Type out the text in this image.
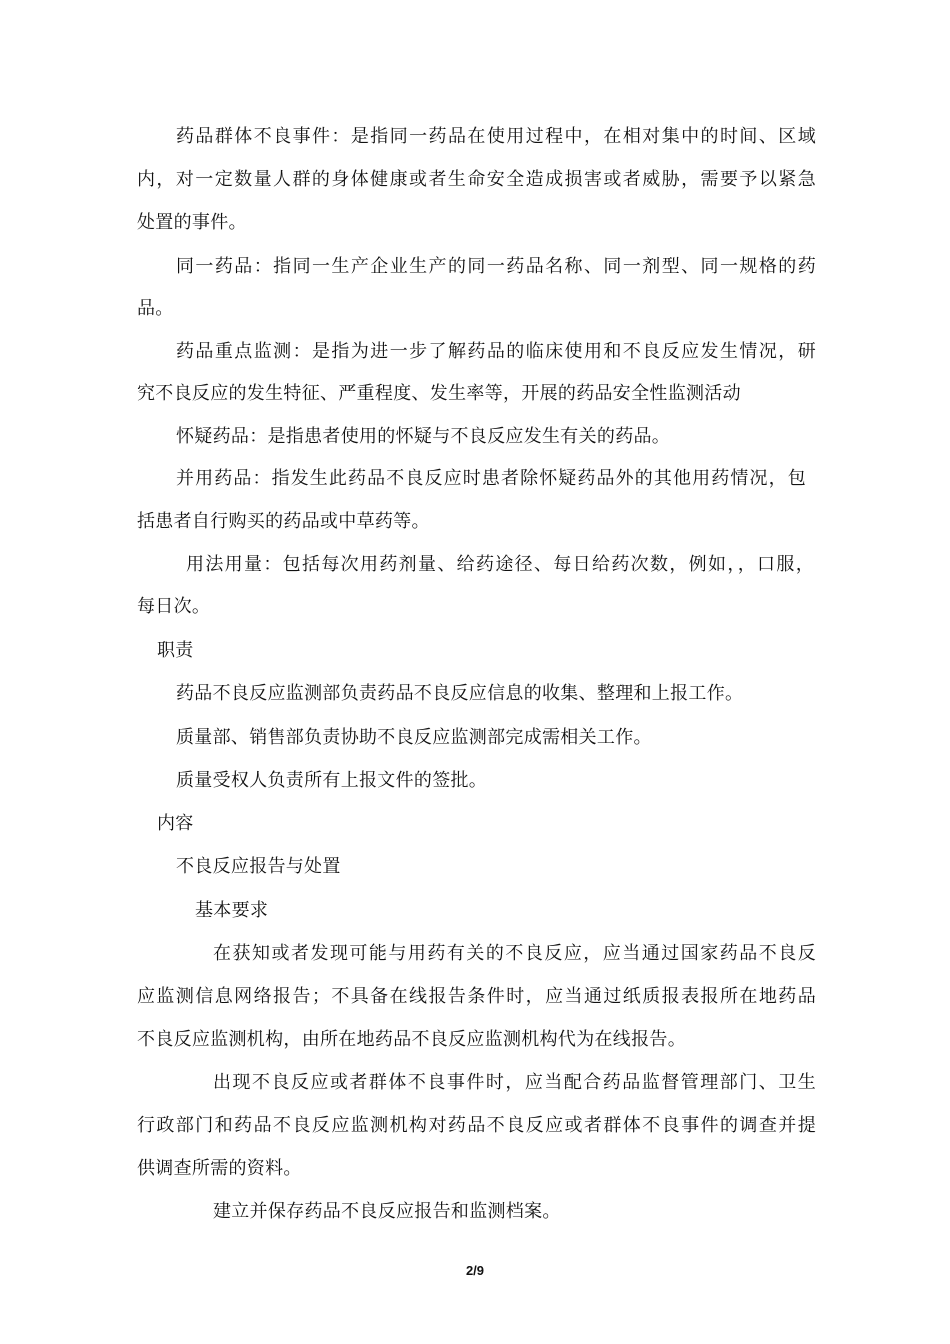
药品群体不良事件：是指同一药品在使用过程中，在相对集中的时间、区域
内，对一定数量人群的身体健康或者生命安全造成损害或者威胁，需要予以紧急
处置的事件。
同一药品：指同一生产企业生产的同一药品名称、同一剂型、同一规格的药
品。
药品重点监测：是指为进一步了解药品的临床使用和不良反应发生情况，研
究不良反应的发生特征、严重程度、发生率等，开展的药品安全性监测活动
怀疑药品：是指患者使用的怀疑与不良反应发生有关的药品。
并用药品：指发生此药品不良反应时患者除怀疑药品外的其他用药情况，包
括患者自行购买的药品或中草药等。
用法用量：包括每次用药剂量、给药途径、每日给药次数，例如，，口服，
每日次。
职责
药品不良反应监测部负责药品不良反应信息的收集、整理和上报工作。
质量部、销售部负责协助不良反应监测部完成需相关工作。
质量受权人负责所有上报文件的签批。
内容
不良反应报告与处置
基本要求
在获知或者发现可能与用药有关的不良反应，应当通过国家药品不良反
应监测信息网络报告；不具备在线报告条件时，应当通过纸质报表报所在地药品
不良反应监测机构，由所在地药品不良反应监测机构代为在线报告。
出现不良反应或者群体不良事件时，应当配合药品监督管理部门、卫生
行政部门和药品不良反应监测机构对药品不良反应或者群体不良事件的调查并提
供调查所需的资料。
建立并保存药品不良反应报告和监测档案。
2/9
